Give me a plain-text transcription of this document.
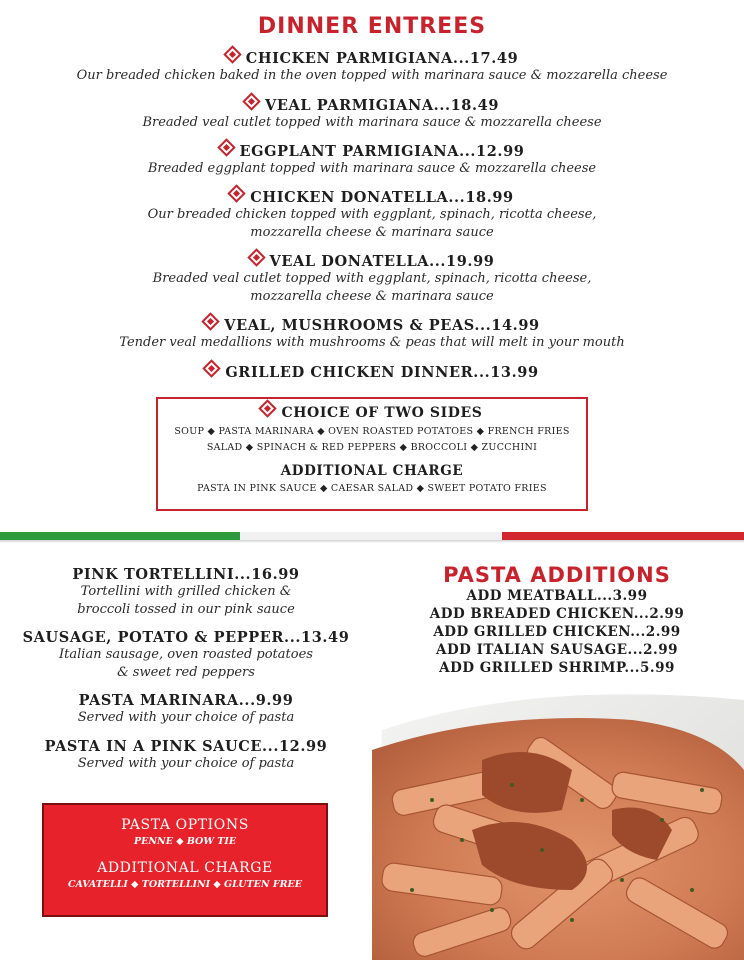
DINNER ENTREES
CHICKEN PARMIGIANA...17.49
Our breaded chicken baked in the oven topped with marinara sauce & mozzarella cheese
VEAL PARMIGIANA...18.49
Breaded veal cutlet topped with marinara sauce & mozzarella cheese
EGGPLANT PARMIGIANA...12.99
Breaded eggplant topped with marinara sauce & mozzarella cheese
CHICKEN DONATELLA...18.99
Our breaded chicken topped with eggplant, spinach, ricotta cheese,
mozzarella cheese & marinara sauce
VEAL DONATELLA...19.99
Breaded veal cutlet topped with eggplant, spinach, ricotta cheese,
mozzarella cheese & marinara sauce
VEAL, MUSHROOMS & PEAS...14.99
Tender veal medallions with mushrooms & peas that will melt in your mouth
GRILLED CHICKEN DINNER...13.99
CHOICE OF TWO SIDES
SOUP ◆ PASTA MARINARA ◆ OVEN ROASTED POTATOES ◆ FRENCH FRIES
SALAD ◆ SPINACH & RED PEPPERS ◆ BROCCOLI ◆ ZUCCHINI
ADDITIONAL CHARGE
PASTA IN PINK SAUCE ◆ CAESAR SALAD ◆ SWEET POTATO FRIES
PINK TORTELLINI...16.99
Tortellini with grilled chicken &
broccoli tossed in our pink sauce
SAUSAGE, POTATO & PEPPER...13.49
Italian sausage, oven roasted potatoes
& sweet red peppers
PASTA MARINARA...9.99
Served with your choice of pasta
PASTA IN A PINK SAUCE...12.99
Served with your choice of pasta
PASTA OPTIONS
PENNE ◆ BOW TIE
ADDITIONAL CHARGE
CAVATELLI ◆ TORTELLINI ◆ GLUTEN FREE
PASTA ADDITIONS
ADD MEATBALL...3.99
ADD BREADED CHICKEN...2.99
ADD GRILLED CHICKEN...2.99
ADD ITALIAN SAUSAGE...2.99
ADD GRILLED SHRIMP...5.99
